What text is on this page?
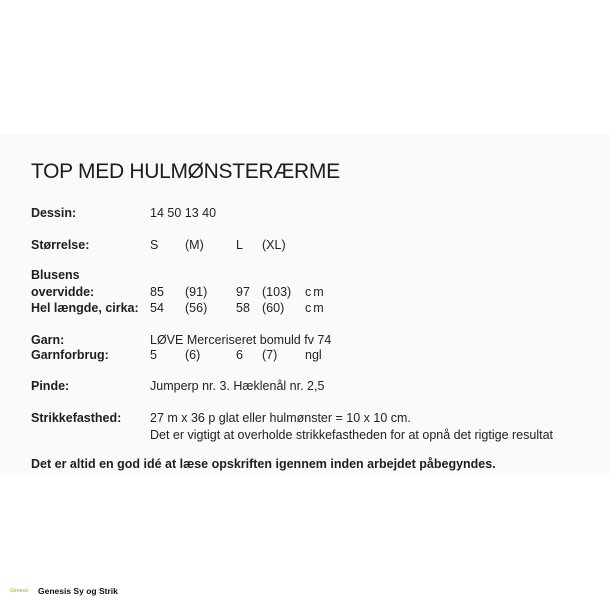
TOP MED HULMØNSTERÆRME
Dessin:	14 50 13 40
Størrelse:	S (M)	L (XL)
Blusens
overvidde:	85 (91) 97 (103) cm
Hel længde, cirka: 54 (56) 58 (60) cm
Garn:	LØVE Merceriseret bomuld fv 74
Garnforbrug:	5 (6)	6 (7) ngl
Pinde:	Jumperp nr. 3. Hæklenål nr. 2,5
Strikkefasthed: 27 m x 36 p glat eller hulmønster = 10 x 10 cm.
Det er vigtigt at overholde strikkefastheden for at opnå det rigtige resultat
Det er altid en god idé at læse opskriften igennem inden arbejdet påbegyndes.
Genesis	Genesis Sy og Strik
